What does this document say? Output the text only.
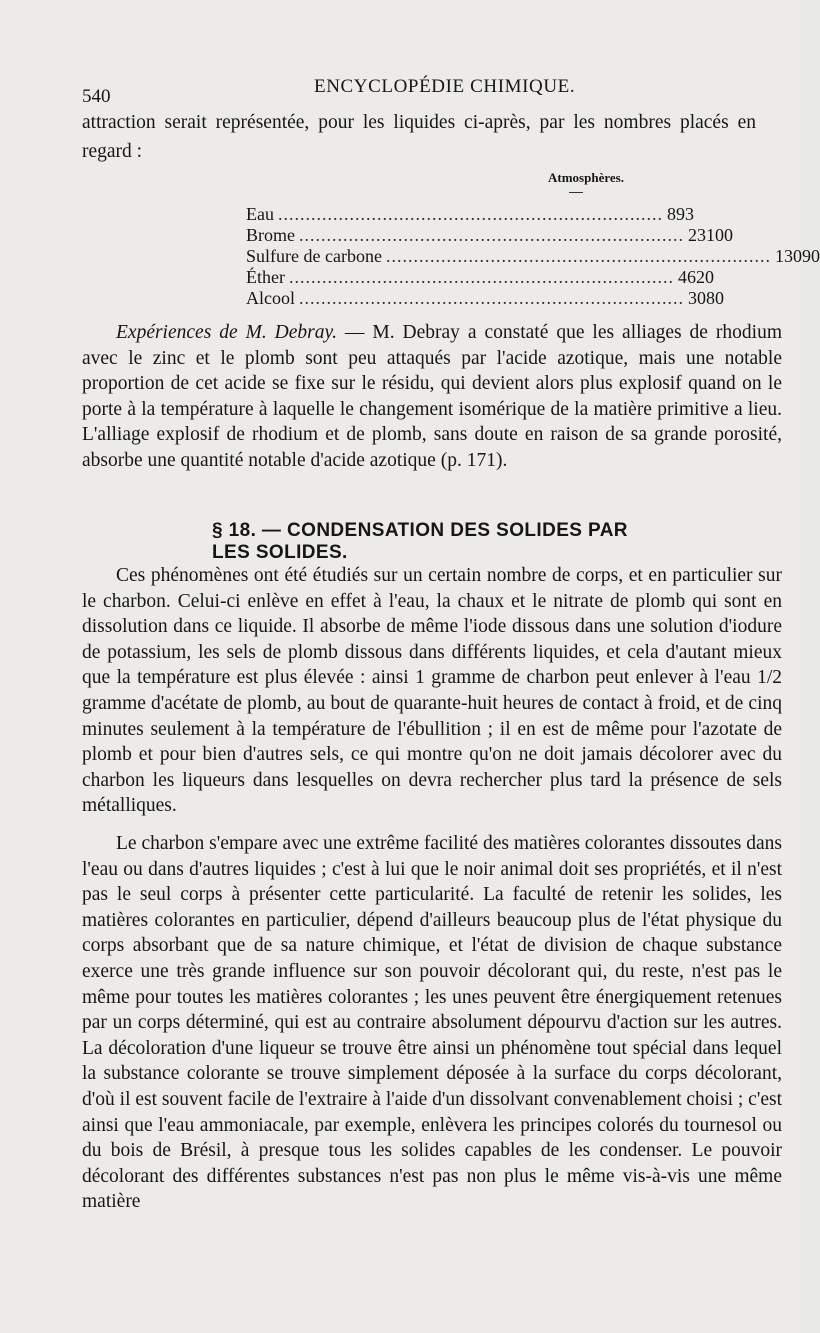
540	ENCYCLOPÉDIE CHIMIQUE.
attraction serait représentée, pour les liquides ci-après, par les nombres placés en regard :
Atmosphères.
Eau ...................................................................... 893
Brome ...................................................................... 23100
Sulfure de carbone ...................................................................... 13090
Éther ...................................................................... 4620
Alcool ...................................................................... 3080

Expériences de M. Debray. — M. Debray a constaté que les alliages de rhodium avec le zinc et le plomb sont peu attaqués par l'acide azotique, mais une notable proportion de cet acide se fixe sur le résidu, qui devient alors plus explosif quand on le porte à la température à laquelle le changement isomérique de la matière primitive a lieu. L'alliage explosif de rhodium et de plomb, sans doute en raison de sa grande porosité, absorbe une quantité notable d'acide azotique (p. 171).

§ 18. — CONDENSATION DES SOLIDES PAR LES SOLIDES.

Ces phénomènes ont été étudiés sur un certain nombre de corps, et en particulier sur le charbon. Celui-ci enlève en effet à l'eau, la chaux et le nitrate de plomb qui sont en dissolution dans ce liquide. Il absorbe de même l'iode dissous dans une solution d'iodure de potassium, les sels de plomb dissous dans différents liquides, et cela d'autant mieux que la température est plus élevée : ainsi 1 gramme de charbon peut enlever à l'eau 1/2 gramme d'acétate de plomb, au bout de quarante-huit heures de contact à froid, et de cinq minutes seulement à la température de l'ébullition ; il en est de même pour l'azotate de plomb et pour bien d'autres sels, ce qui montre qu'on ne doit jamais décolorer avec du charbon les liqueurs dans lesquelles on devra rechercher plus tard la présence de sels métalliques.

Le charbon s'empare avec une extrême facilité des matières colorantes dissoutes dans l'eau ou dans d'autres liquides ; c'est à lui que le noir animal doit ses propriétés, et il n'est pas le seul corps à présenter cette particularité. La faculté de retenir les solides, les matières colorantes en particulier, dépend d'ailleurs beaucoup plus de l'état physique du corps absorbant que de sa nature chimique, et l'état de division de chaque substance exerce une très grande influence sur son pouvoir décolorant qui, du reste, n'est pas le même pour toutes les matières colorantes ; les unes peuvent être énergiquement retenues par un corps déterminé, qui est au contraire absolument dépourvu d'action sur les autres. La décoloration d'une liqueur se trouve être ainsi un phénomène tout spécial dans lequel la substance colorante se trouve simplement déposée à la surface du corps décolorant, d'où il est souvent facile de l'extraire à l'aide d'un dissolvant convenablement choisi ; c'est ainsi que l'eau ammoniacale, par exemple, enlèvera les principes colorés du tournesol ou du bois de Brésil, à presque tous les solides capables de les condenser. Le pouvoir décolorant des différentes substances n'est pas non plus le même vis-à-vis une même matière
